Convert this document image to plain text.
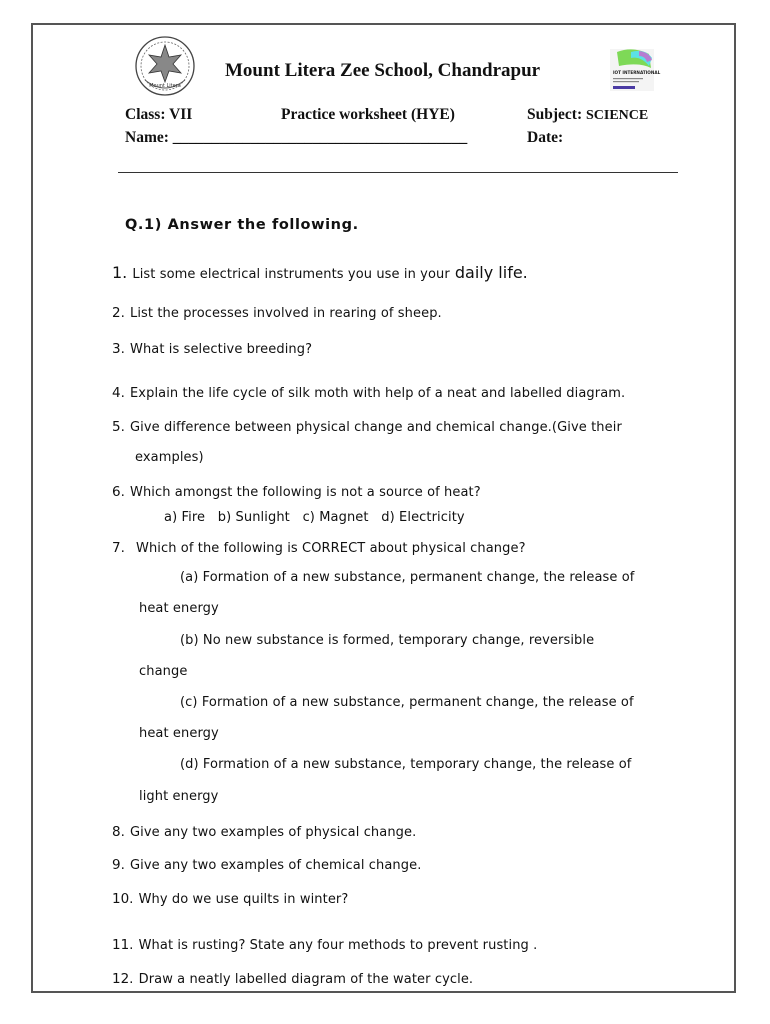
Mount Litera
Mount Litera Zee School, Chandrapur	IOT INTERNATIONAL
Class: VII	Practice worksheet (HYE)	Subject: SCIENCE
Name: ______________________________________	Date:
Q.1) Answer the following.
1. List some electrical instruments you use in your daily life.
2. List the processes involved in rearing of sheep.
3. What is selective breeding?
4. Explain the life cycle of silk moth with help of a neat and labelled diagram.
5. Give difference between physical change and chemical change.(Give their
examples)
6. Which amongst the following is not a source of heat?
a) Fire   b) Sunlight   c) Magnet   d) Electricity
7. Which of the following is CORRECT about physical change?
(a) Formation of a new substance, permanent change, the release of
heat energy
(b) No new substance is formed, temporary change, reversible
change
(c) Formation of a new substance, permanent change, the release of
heat energy
(d) Formation of a new substance, temporary change, the release of
light energy
8. Give any two examples of physical change.
9. Give any two examples of chemical change.
10. Why do we use quilts in winter?
11. What is rusting? State any four methods to prevent rusting .
12. Draw a neatly labelled diagram of the water cycle.
